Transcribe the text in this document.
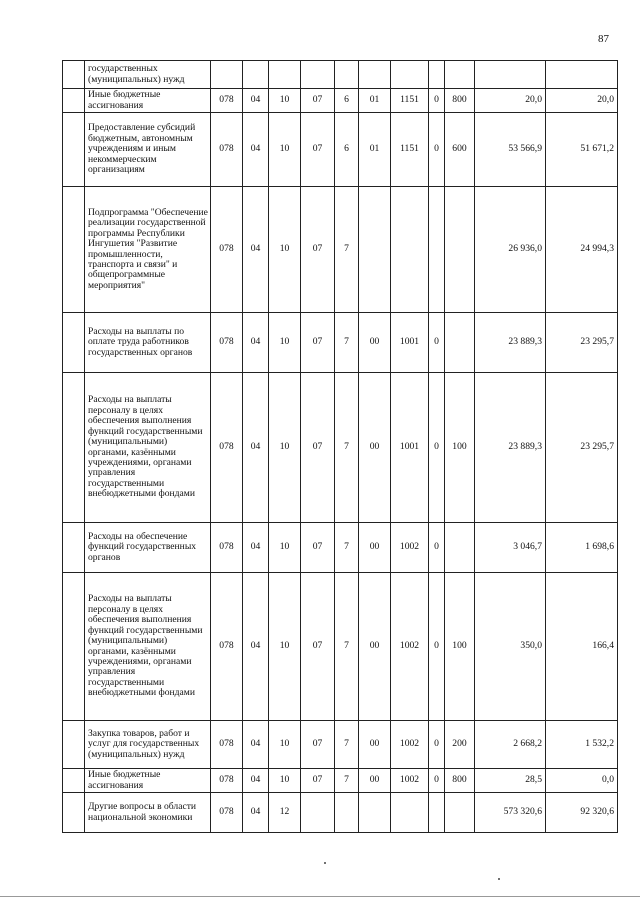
87
	государственных (муниципальных) нужд											
	Иные бюджетные ассигнования	078	04	10	07	6	01	1151	0	800	20,0	20,0
	Предоставление субсидий бюджетным, автономным учреждениям и иным некоммерческим организациям	078	04	10	07	6	01	1151	0	600	53 566,9	51 671,2
	Подпрограмма "Обеспечение реализации государственной программы Республики Ингушетия "Развитие промышленности, транспорта и связи" и общепрограммные мероприятия"	078	04	10	07	7					26 936,0	24 994,3
	Расходы на выплаты по оплате труда работников государственных органов	078	04	10	07	7	00	1001	0		23 889,3	23 295,7
	Расходы на выплаты персоналу в целях обеспечения выполнения функций государственными (муниципальными) органами, казёнными учреждениями, органами управления государственными внебюджетными фондами	078	04	10	07	7	00	1001	0	100	23 889,3	23 295,7
	Расходы на обеспечение функций государственных органов	078	04	10	07	7	00	1002	0		3 046,7	1 698,6
	Расходы на выплаты персоналу в целях обеспечения выполнения функций государственными (муниципальными) органами, казёнными учреждениями, органами управления государственными внебюджетными фондами	078	04	10	07	7	00	1002	0	100	350,0	166,4
	Закупка товаров, работ и услуг для государственных (муниципальных) нужд	078	04	10	07	7	00	1002	0	200	2 668,2	1 532,2
	Иные бюджетные ассигнования	078	04	10	07	7	00	1002	0	800	28,5	0,0
	Другие вопросы в области национальной экономики	078	04	12							573 320,6	92 320,6
